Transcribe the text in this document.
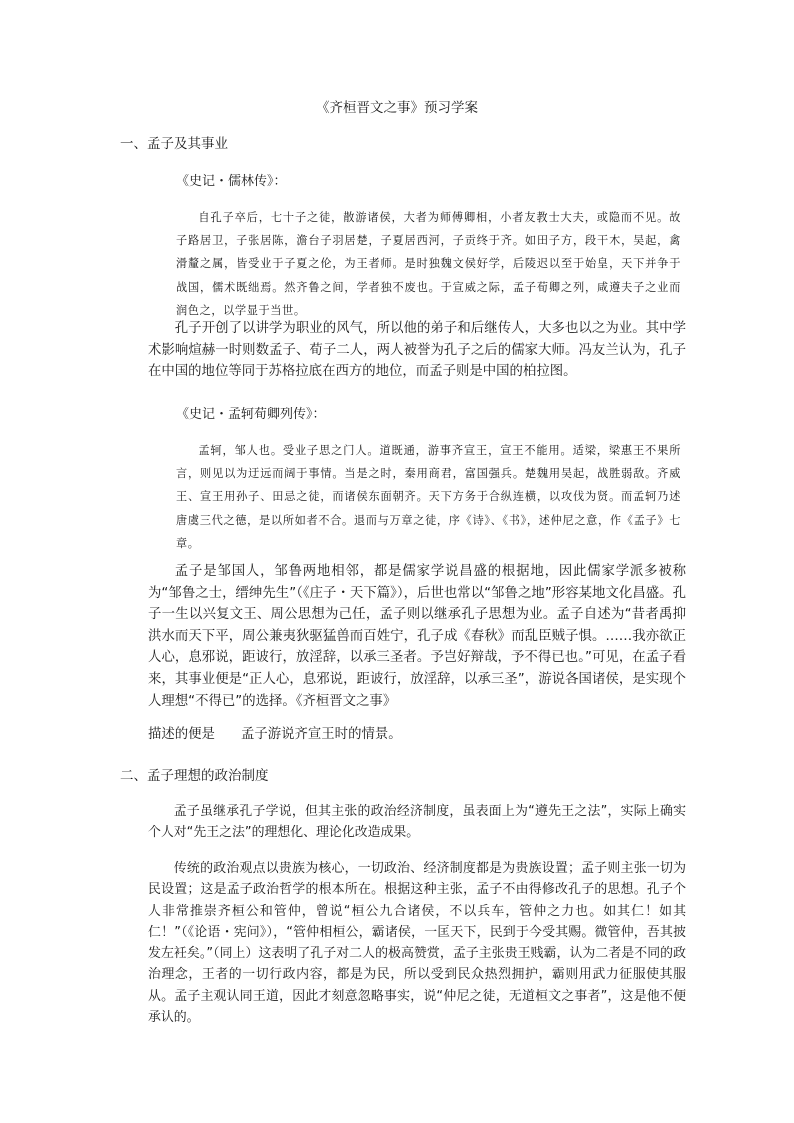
《齐桓晋文之事》预习学案
一、孟子及其事业
《史记・儒林传》：

自孔子卒后，七十子之徒，散游诸侯，大者为师傅卿相，小者友教士大夫，或隐而不见。故子路居卫，子张居陈，澹台子羽居楚，子夏居西河，子贡终于齐。如田子方，段干木，吴起，禽滑釐之属，皆受业于子夏之伦，为王者师。是时独魏文侯好学，后陵迟以至于始皇，天下并争于战国，儒术既绌焉。然齐鲁之间，学者独不废也。于宣威之际，孟子荀卿之列，咸遵夫子之业而润色之，以学显于当世。

孔子开创了以讲学为职业的风气，所以他的弟子和后继传人，大多也以之为业。其中学术影响煊赫一时则数孟子、荀子二人，两人被誉为孔子之后的儒家大师。冯友兰认为，孔子在中国的地位等同于苏格拉底在西方的地位，而孟子则是中国的柏拉图。

《史记・孟轲荀卿列传》：

孟轲，邹人也。受业子思之门人。道既通，游事齐宣王，宣王不能用。适梁，梁惠王不果所言，则见以为迂远而阔于事情。当是之时，秦用商君，富国强兵。楚魏用吴起，战胜弱敌。齐威王、宣王用孙子、田忌之徒，而诸侯东面朝齐。天下方务于合纵连横，以攻伐为贤。而孟轲乃述唐虞三代之德，是以所如者不合。退而与万章之徒，序《诗》、《书》，述仲尼之意，作《孟子》七章。

孟子是邹国人，邹鲁两地相邻，都是儒家学说昌盛的根据地，因此儒家学派多被称为“邹鲁之士，缙绅先生”（《庄子・天下篇》），后世也常以“邹鲁之地”形容某地文化昌盛。孔子一生以兴复文王、周公思想为己任，孟子则以继承孔子思想为业。孟子自述为“昔者禹抑洪水而天下平，周公兼夷狄驱猛兽而百姓宁，孔子成《春秋》而乱臣贼子惧。……我亦欲正人心，息邪说，距诐行，放淫辞，以承三圣者。予岂好辩哉，予不得已也。”可见，在孟子看来，其事业便是“正人心，息邪说，距诐行，放淫辞，以承三圣”，游说各国诸侯，是实现个人理想“不得已”的选择。《齐桓晋文之事》

描述的便是 孟子游说齐宣王时的情景。
二、孟子理想的政治制度

孟子虽继承孔子学说，但其主张的政治经济制度，虽表面上为“遵先王之法”，实际上确实个人对“先王之法”的理想化、理论化改造成果。

传统的政治观点以贵族为核心，一切政治、经济制度都是为贵族设置；孟子则主张一切为民设置；这是孟子政治哲学的根本所在。根据这种主张，孟子不由得修改孔子的思想。孔子个人非常推崇齐桓公和管仲，曾说“桓公九合诸侯，不以兵车，管仲之力也。如其仁！如其仁！”（《论语・宪问》），“管仲相桓公，霸诸侯，一匡天下，民到于今受其赐。微管仲，吾其披发左衽矣。”（同上）这表明了孔子对二人的极高赞赏，孟子主张贵王贱霸，认为二者是不同的政治理念，王者的一切行政内容，都是为民，所以受到民众热烈拥护，霸则用武力征服使其服从。孟子主观认同王道，因此才刻意忽略事实，说“仲尼之徒，无道桓文之事者”，这是他不便承认的。
